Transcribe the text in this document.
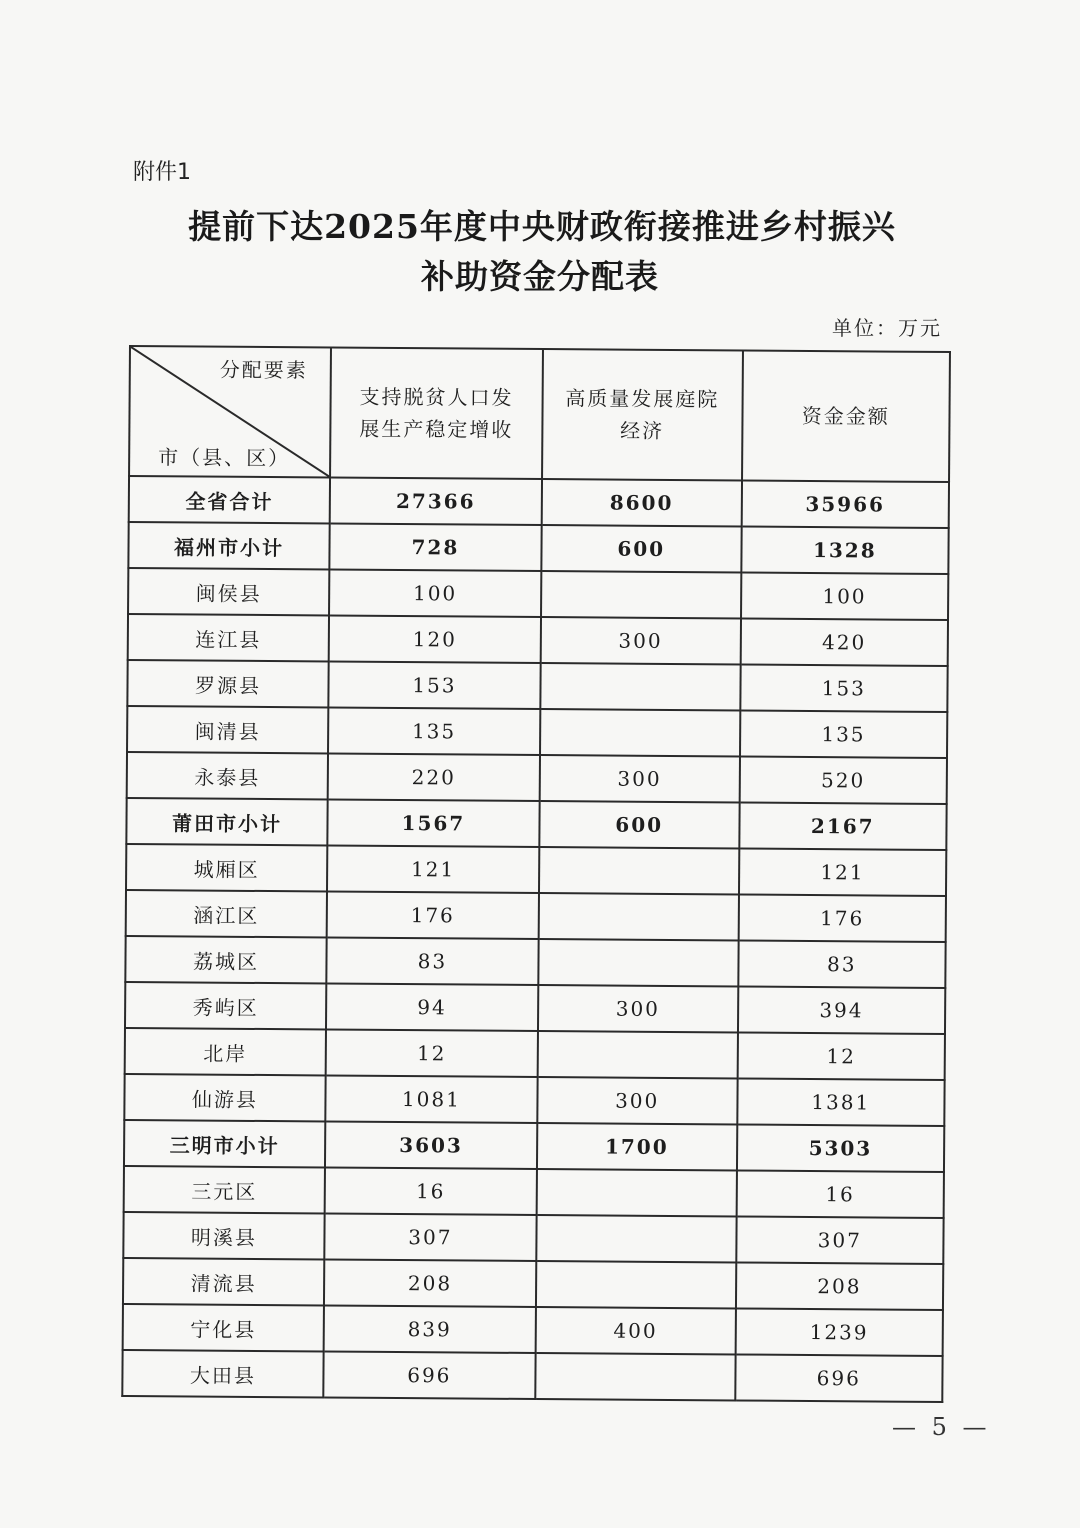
附件1
提前下达2025年度中央财政衔接推进乡村振兴
补助资金分配表
单位：万元
分配要素
市（县、区）	支持脱贫人口发展生产稳定增收	高质量发展庭院经济	资金金额
全省合计	27366	8600	35966
福州市小计	728	600	1328
闽侯县	100		100
连江县	120	300	420
罗源县	153		153
闽清县	135		135
永泰县	220	300	520
莆田市小计	1567	600	2167
城厢区	121		121
涵江区	176		176
荔城区	83		83
秀屿区	94	300	394
北岸	12		12
仙游县	1081	300	1381
三明市小计	3603	1700	5303
三元区	16		16
明溪县	307		307
清流县	208		208
宁化县	839	400	1239
大田县	696		696
— 5 —
